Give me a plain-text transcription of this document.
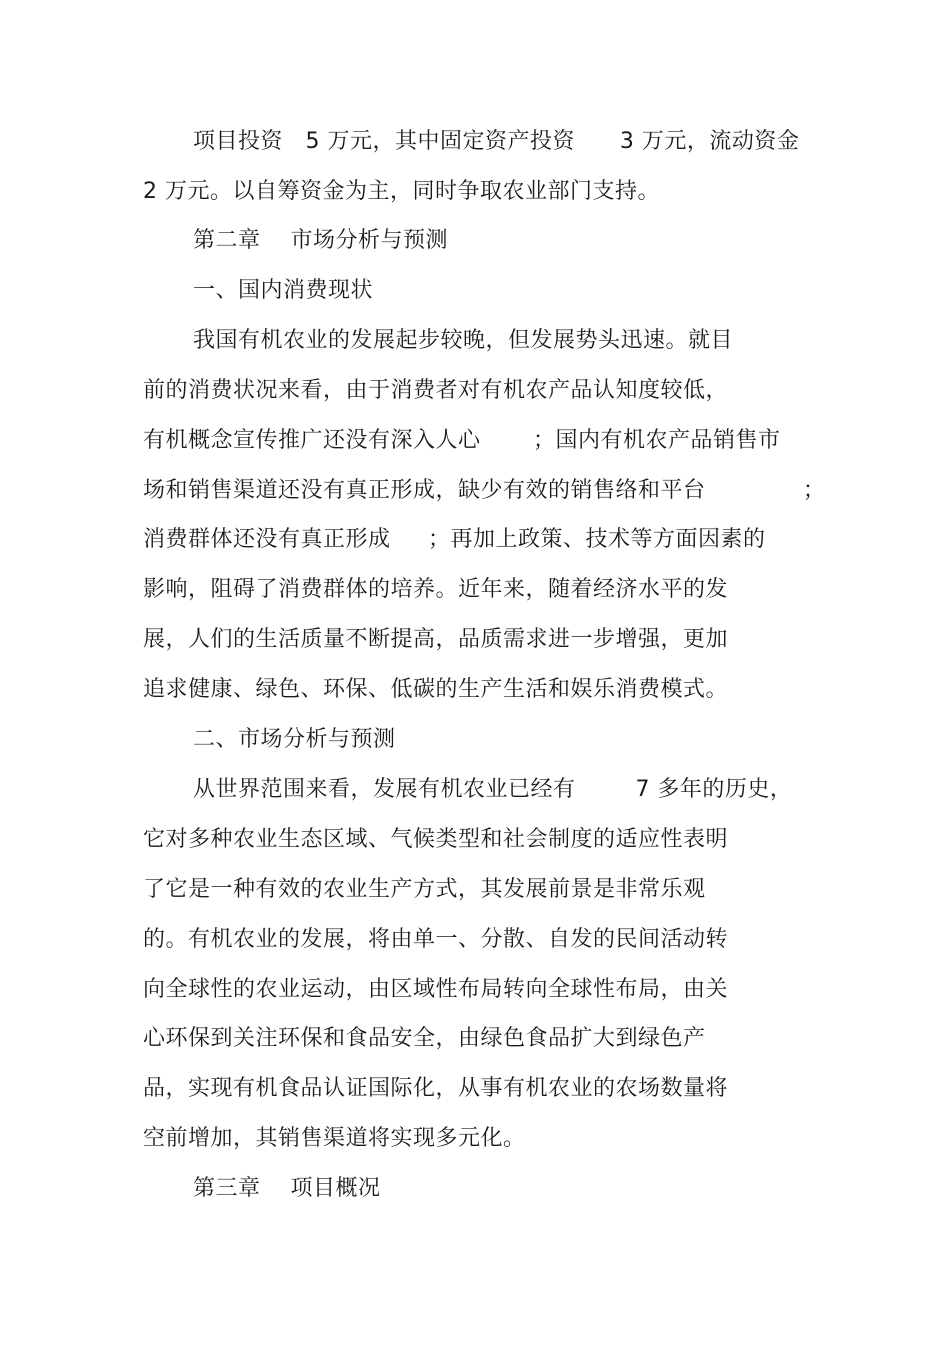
项目投资   5 万元，其中固定资产投资      3 万元，流动资金
2 万元。以自筹资金为主，同时争取农业部门支持。
第二章    市场分析与预测
一、国内消费现状
我国有机农业的发展起步较晚，但发展势头迅速。就目
前的消费状况来看，由于消费者对有机农产品认知度较低，
有机概念宣传推广还没有深入人心       ；国内有机农产品销售市
场和销售渠道还没有真正形成，缺少有效的销售络和平台             ；
消费群体还没有真正形成     ；再加上政策、技术等方面因素的
影响，阻碍了消费群体的培养。近年来，随着经济水平的发
展，人们的生活质量不断提高，品质需求进一步增强，更加
追求健康、绿色、环保、低碳的生产生活和娱乐消费模式。
二、市场分析与预测
从世界范围来看，发展有机农业已经有        7 多年的历史，
它对多种农业生态区域、气候类型和社会制度的适应性表明
了它是一种有效的农业生产方式，其发展前景是非常乐观
的。有机农业的发展，将由单一、分散、自发的民间活动转
向全球性的农业运动，由区域性布局转向全球性布局，由关
心环保到关注环保和食品安全，由绿色食品扩大到绿色产
品，实现有机食品认证国际化，从事有机农业的农场数量将
空前增加，其销售渠道将实现多元化。
第三章    项目概况
